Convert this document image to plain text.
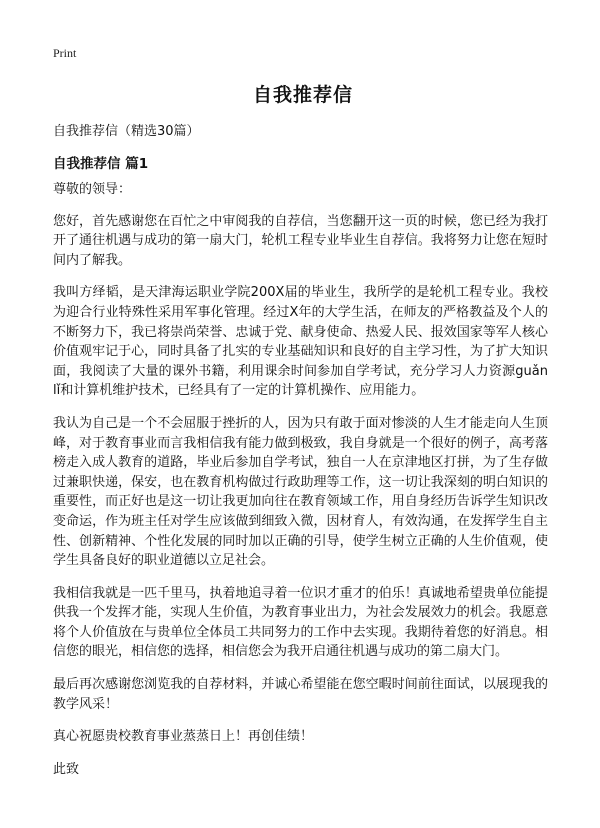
Print
自我推荐信

自我推荐信（精选30篇）

自我推荐信 篇1

尊敬的领导：

您好，首先感谢您在百忙之中审阅我的自荐信，当您翻开这一页的时候，您已经为我打开了通往机遇与成功的第一扇大门，轮机工程专业毕业生自荐信。我将努力让您在短时间内了解我。

我叫方绎韬，是天津海运职业学院200X届的毕业生，我所学的是轮机工程专业。我校为迎合行业特殊性采用军事化管理。经过X年的大学生活，在师友的严格教益及个人的不断努力下，我已将崇尚荣誉、忠诚于党、献身使命、热爱人民、报效国家等军人核心价值观牢记于心，同时具备了扎实的专业基础知识和良好的自主学习性，为了扩大知识面，我阅读了大量的课外书籍，利用课余时间参加自学考试，充分学习人力资源guǎn lǐ和计算机维护技术，已经具有了一定的计算机操作、应用能力。

我认为自己是一个不会屈服于挫折的人，因为只有敢于面对惨淡的人生才能走向人生顶峰，对于教育事业而言我相信我有能力做到极致，我自身就是一个很好的例子，高考落榜走入成人教育的道路，毕业后参加自学考试，独自一人在京津地区打拼，为了生存做过兼职快递，保安，也在教育机构做过行政助理等工作，这一切让我深刻的明白知识的重要性，而正好也是这一切让我更加向往在教育领域工作，用自身经历告诉学生知识改变命运，作为班主任对学生应该做到细致入微，因材育人，有效沟通，在发挥学生自主性、创新精神、个性化发展的同时加以正确的引导，使学生树立正确的人生价值观，使学生具备良好的职业道德以立足社会。

我相信我就是一匹千里马，执着地追寻着一位识才重才的伯乐！真诚地希望贵单位能提供我一个发挥才能，实现人生价值，为教育事业出力，为社会发展效力的机会。我愿意将个人价值放在与贵单位全体员工共同努力的工作中去实现。我期待着您的好消息。相信您的眼光，相信您的选择，相信您会为我开启通往机遇与成功的第二扇大门。

最后再次感谢您浏览我的自荐材料，并诚心希望能在您空暇时间前往面试，以展现我的教学风采！

真心祝愿贵校教育事业蒸蒸日上！再创佳绩！

此致
